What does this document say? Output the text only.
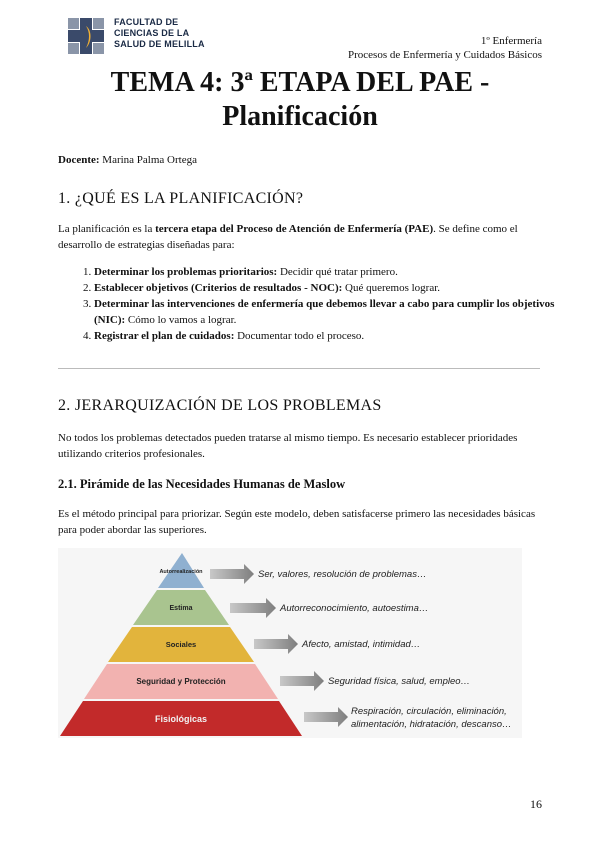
FACULTAD DE
CIENCIAS DE LA
SALUD DE MELILLA	1º Enfermería
Procesos de Enfermería y Cuidados Básicos
TEMA 4: 3ª ETAPA DEL PAE -
Planificación
Docente: Marina Palma Ortega
1. ¿QUÉ ES LA PLANIFICACIÓN?
La planificación es la tercera etapa del Proceso de Atención de Enfermería (PAE). Se define como el desarrollo de estrategias diseñadas para:
1. Determinar los problemas prioritarios: Decidir qué tratar primero.
2. Establecer objetivos (Criterios de resultados - NOC): Qué queremos lograr.
3. Determinar las intervenciones de enfermería que debemos llevar a cabo para cumplir los objetivos (NIC): Cómo lo vamos a lograr.
4. Registrar el plan de cuidados: Documentar todo el proceso.
2. JERARQUIZACIÓN DE LOS PROBLEMAS
No todos los problemas detectados pueden tratarse al mismo tiempo. Es necesario establecer prioridades utilizando criterios profesionales.
2.1. Pirámide de las Necesidades Humanas de Maslow
Es el método principal para priorizar. Según este modelo, deben satisfacerse primero las necesidades básicas para poder abordar las superiores.
Autorrealización
Estima
Sociales
Seguridad y Protección
Fisiológicas
Ser, valores, resolución de problemas…
Autorreconocimiento, autoestima…
Afecto, amistad, intimidad…
Seguridad física, salud, empleo…
Respiración, circulación, eliminación,
alimentación, hidratación, descanso…
16
